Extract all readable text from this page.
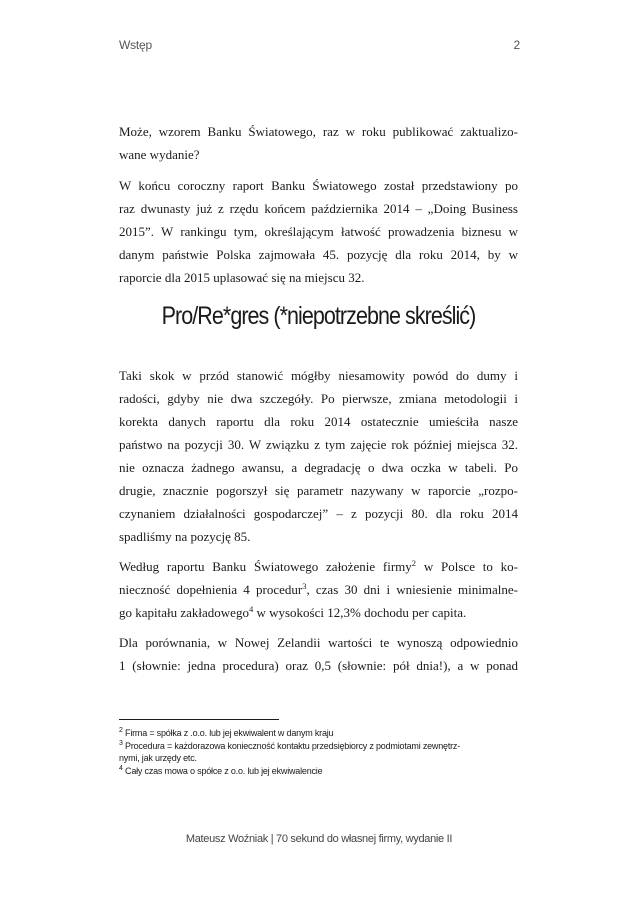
Wstęp	2
Może, wzorem Banku Światowego, raz w roku publikować zaktualizo-
wane wydanie?
W końcu coroczny raport Banku Światowego został przedstawiony po
raz dwunasty już z rzędu końcem października 2014 – „Doing Business
2015”. W rankingu tym, określającym łatwość prowadzenia biznesu w
danym państwie Polska zajmowała 45. pozycję dla roku 2014, by w
raporcie dla 2015 uplasować się na miejscu 32.
Pro/Re*gres (*niepotrzebne skreślić)
Taki skok w przód stanowić mógłby niesamowity powód do dumy i
radości, gdyby nie dwa szczegóły. Po pierwsze, zmiana metodologii i
korekta danych raportu dla roku 2014 ostatecznie umieściła nasze
państwo na pozycji 30. W związku z tym zajęcie rok później miejsca 32.
nie oznacza żadnego awansu, a degradację o dwa oczka w tabeli. Po
drugie, znacznie pogorszył się parametr nazywany w raporcie „rozpo-
czynaniem działalności gospodarczej” – z pozycji 80. dla roku 2014
spadliśmy na pozycję 85.
Według raportu Banku Światowego założenie firmy$^2$ w Polsce to ko-
nieczność dopełnienia 4 procedur$^3$, czas 30 dni i wniesienie minimalne-
go kapitału zakładowego$^4$ w wysokości 12,3% dochodu per capita.
Dla porównania, w Nowej Zelandii wartości te wynoszą odpowiednio
1 (słownie: jedna procedura) oraz 0,5 (słownie: pół dnia!), a w ponad
$^2$ Firma = spółka z .o.o. lub jej ekwiwalent w danym kraju
$^3$ Procedura = każdorazowa konieczność kontaktu przedsiębiorcy z podmiotami zewnętrz-
nymi, jak urzędy etc.
$^4$ Cały czas mowa o spółce z o.o. lub jej ekwiwalencie
Mateusz Woźniak | 70 sekund do własnej firmy, wydanie II
